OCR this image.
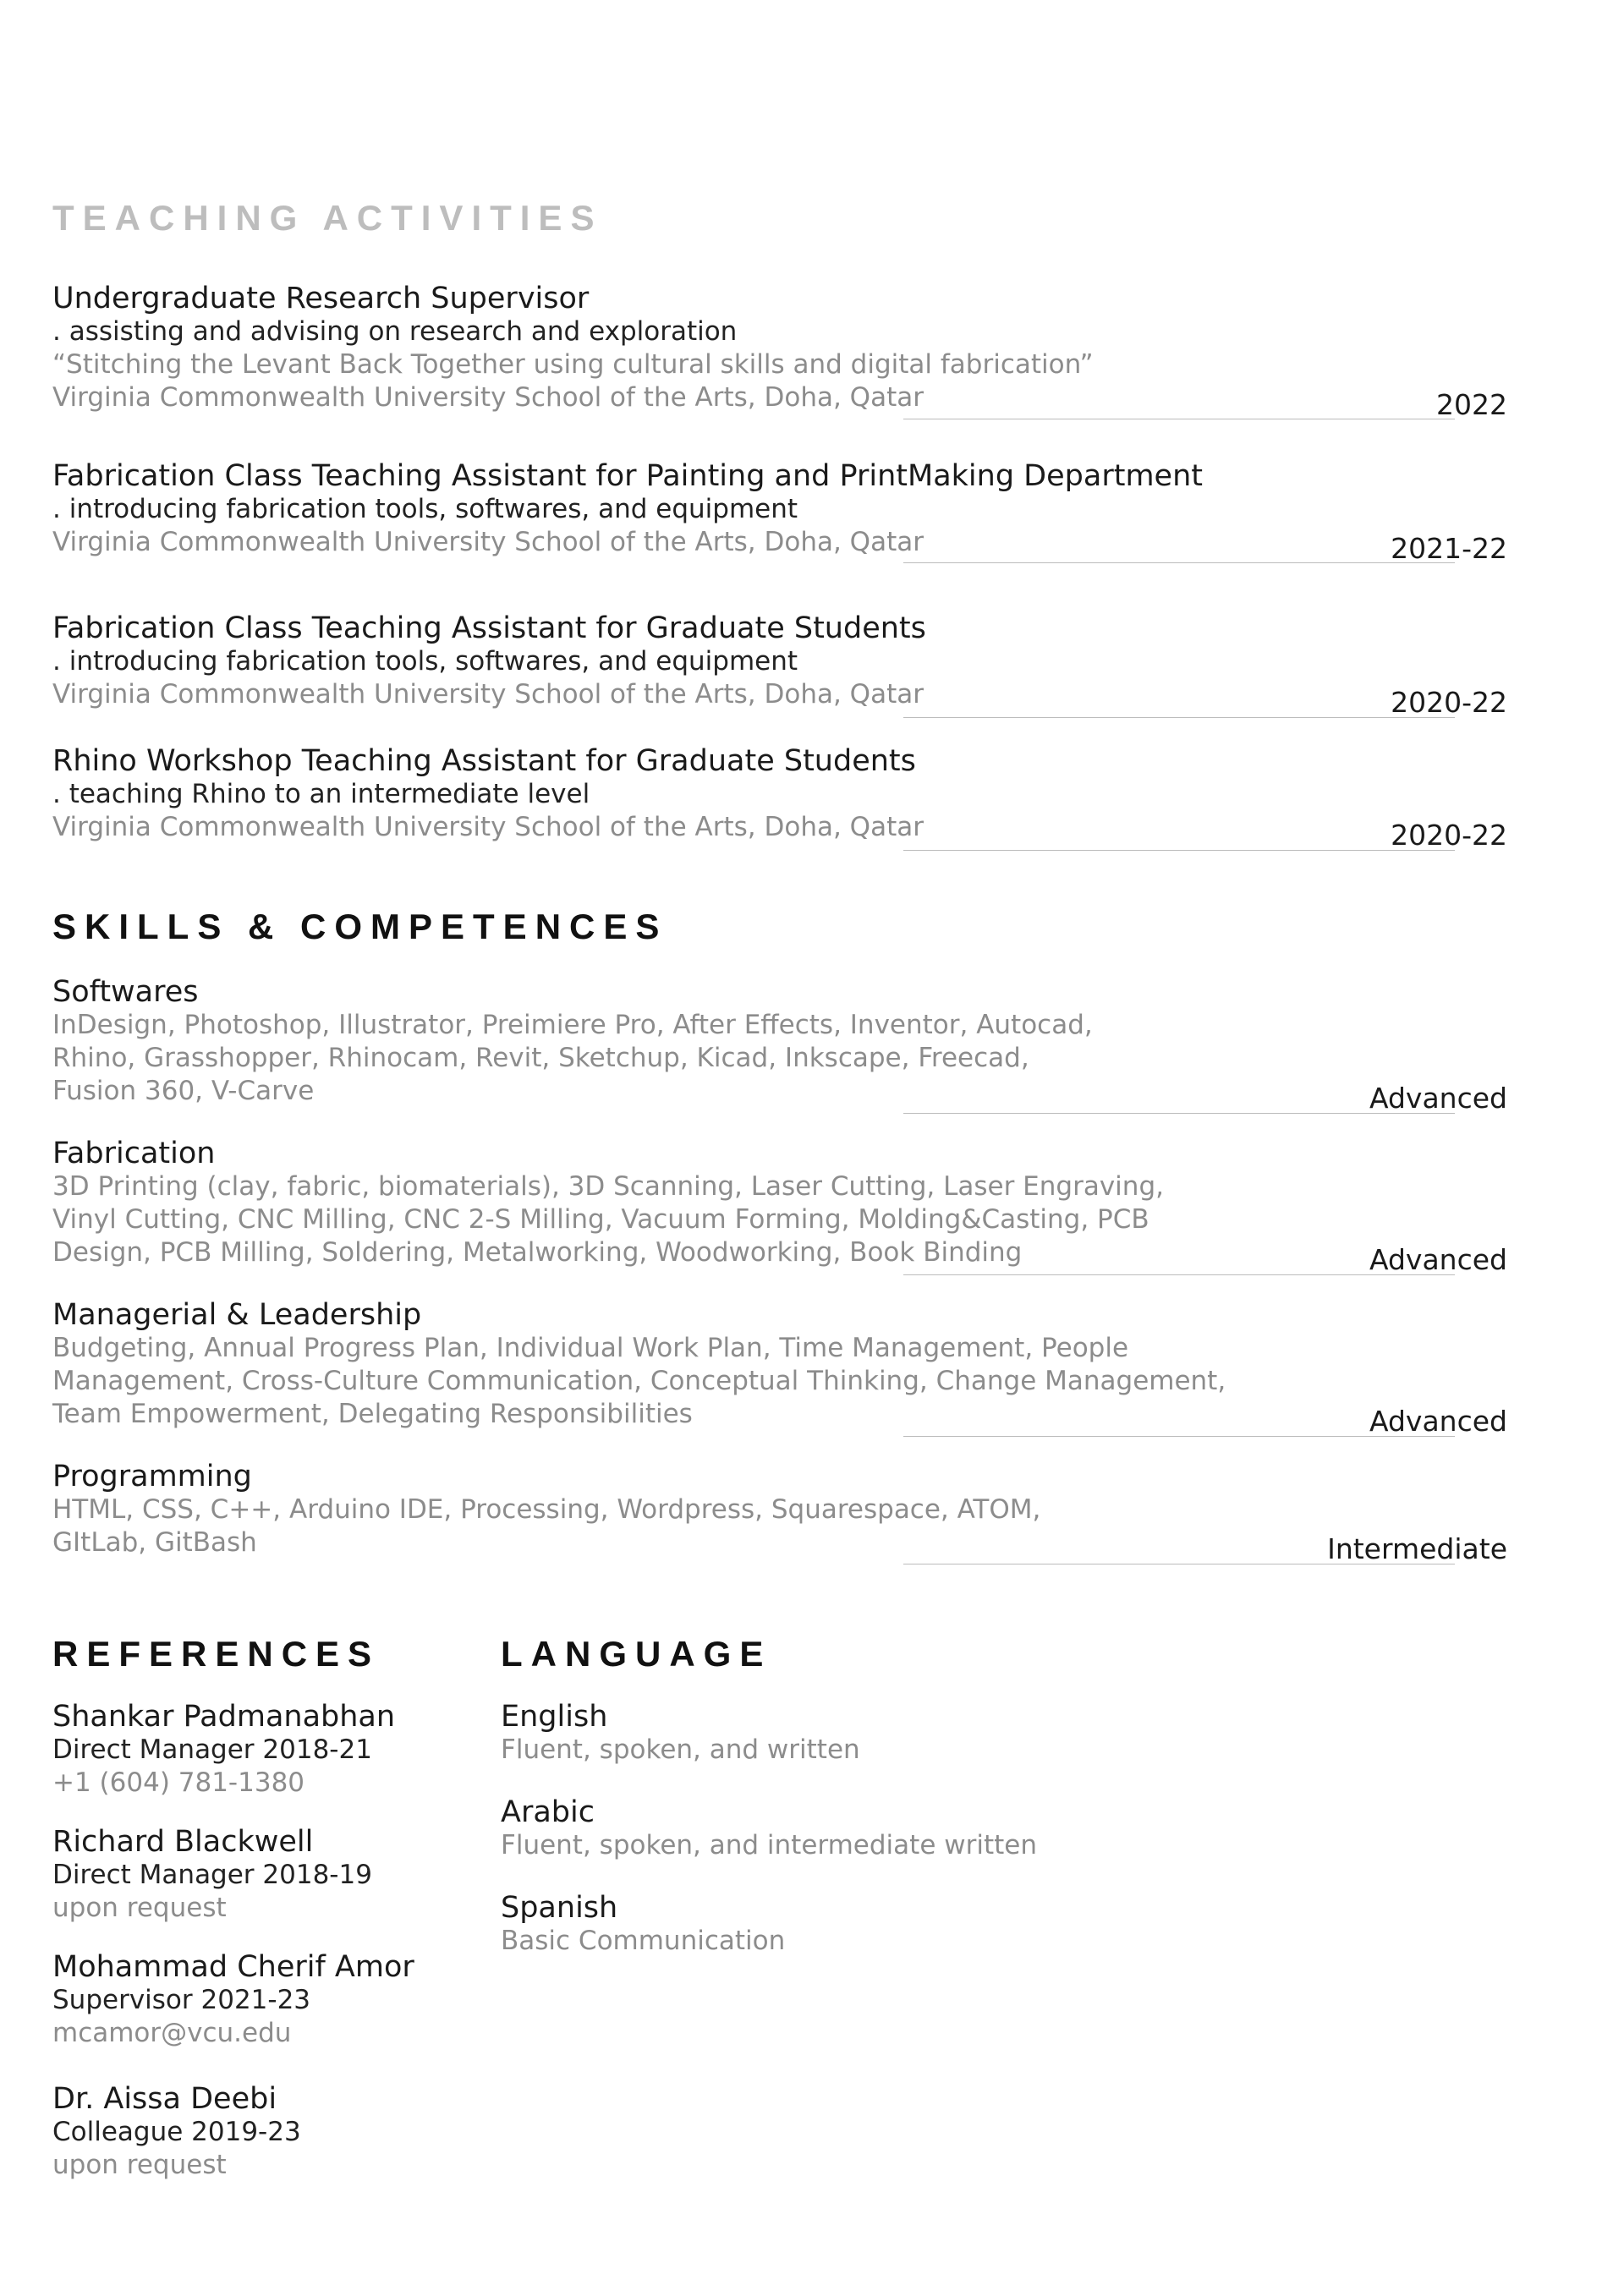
TEACHING ACTIVITIES
Undergraduate Research Supervisor
. assisting and advising on research and exploration
“Stitching the Levant Back Together using cultural skills and digital fabrication”
Virginia Commonwealth University School of the Arts, Doha, Qatar	2022
Fabrication Class Teaching Assistant for Painting and PrintMaking Department
. introducing fabrication tools, softwares, and equipment
Virginia Commonwealth University School of the Arts, Doha, Qatar	2021-22
Fabrication Class Teaching Assistant for Graduate Students
. introducing fabrication tools, softwares, and equipment
Virginia Commonwealth University School of the Arts, Doha, Qatar	2020-22
Rhino Workshop Teaching Assistant for Graduate Students
. teaching Rhino to an intermediate level
Virginia Commonwealth University School of the Arts, Doha, Qatar	2020-22
SKILLS & COMPETENCES
Softwares
InDesign, Photoshop, Illustrator, Preimiere Pro, After Effects, Inventor, Autocad,
Rhino, Grasshopper, Rhinocam, Revit, Sketchup, Kicad, Inkscape, Freecad,
Fusion 360, V-Carve	Advanced
Fabrication
3D Printing (clay, fabric, biomaterials), 3D Scanning, Laser Cutting, Laser Engraving,
Vinyl Cutting, CNC Milling, CNC 2-S Milling, Vacuum Forming, Molding&Casting, PCB
Design, PCB Milling, Soldering, Metalworking, Woodworking, Book Binding	Advanced
Managerial & Leadership
Budgeting, Annual Progress Plan, Individual Work Plan, Time Management, People
Management, Cross-Culture Communication, Conceptual Thinking, Change Management,
Team Empowerment, Delegating Responsibilities	Advanced
Programming
HTML, CSS, C++, Arduino IDE, Processing, Wordpress, Squarespace, ATOM,
GItLab, GitBash	Intermediate
REFERENCES
Shankar Padmanabhan
Direct Manager 2018-21
+1 (604) 781-1380
Richard Blackwell
Direct Manager 2018-19
upon request
Mohammad Cherif Amor
Supervisor 2021-23
mcamor@vcu.edu
Dr. Aissa Deebi
Colleague 2019-23
upon request
LANGUAGE
English
Fluent, spoken, and written
Arabic
Fluent, spoken, and intermediate written
Spanish
Basic Communication
